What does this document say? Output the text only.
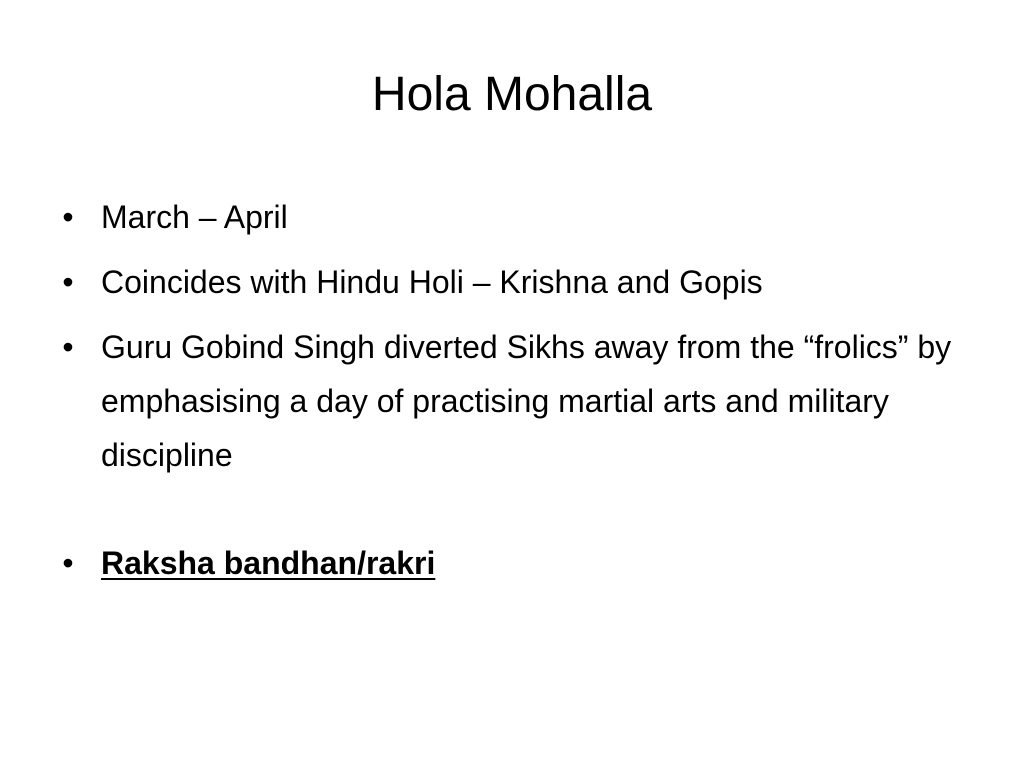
Hola Mohalla
• March – April
• Coincides with Hindu Holi – Krishna and Gopis
• Guru Gobind Singh diverted Sikhs away from the “frolics” by emphasising a day of practising martial arts and military discipline
• Raksha bandhan/rakri
